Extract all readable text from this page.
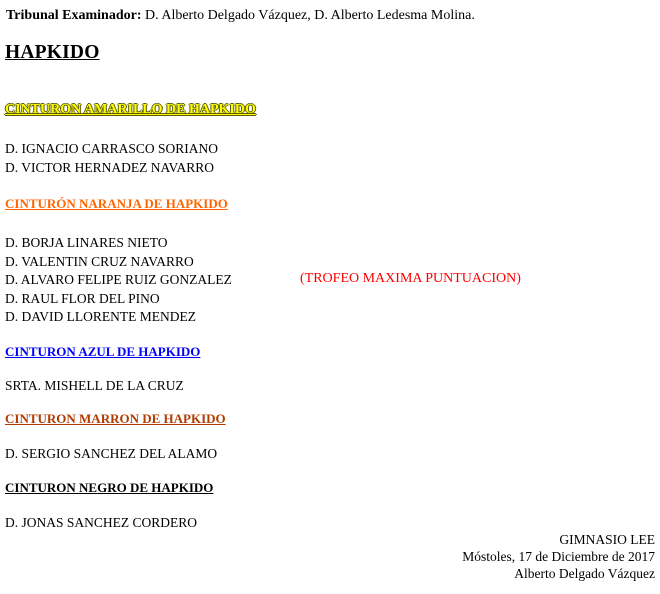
Tribunal Examinador: D. Alberto Delgado Vázquez, D. Alberto Ledesma Molina.
HAPKIDO
CINTURON AMARILLO DE HAPKIDO
D. IGNACIO CARRASCO SORIANO
D. VICTOR HERNADEZ NAVARRO
CINTURÓN NARANJA DE HAPKIDO
D. BORJA LINARES NIETO
D. VALENTIN CRUZ NAVARRO
D. ALVARO FELIPE RUIZ GONZALEZ	(TROFEO MAXIMA PUNTUACION)
D. RAUL FLOR DEL PINO
D. DAVID LLORENTE MENDEZ
CINTURON AZUL DE HAPKIDO
SRTA. MISHELL DE LA CRUZ
CINTURON MARRON DE HAPKIDO
D. SERGIO SANCHEZ DEL ALAMO
CINTURON NEGRO DE HAPKIDO
D. JONAS SANCHEZ CORDERO
GIMNASIO LEE
Móstoles, 17 de Diciembre de 2017
Alberto Delgado Vázquez
